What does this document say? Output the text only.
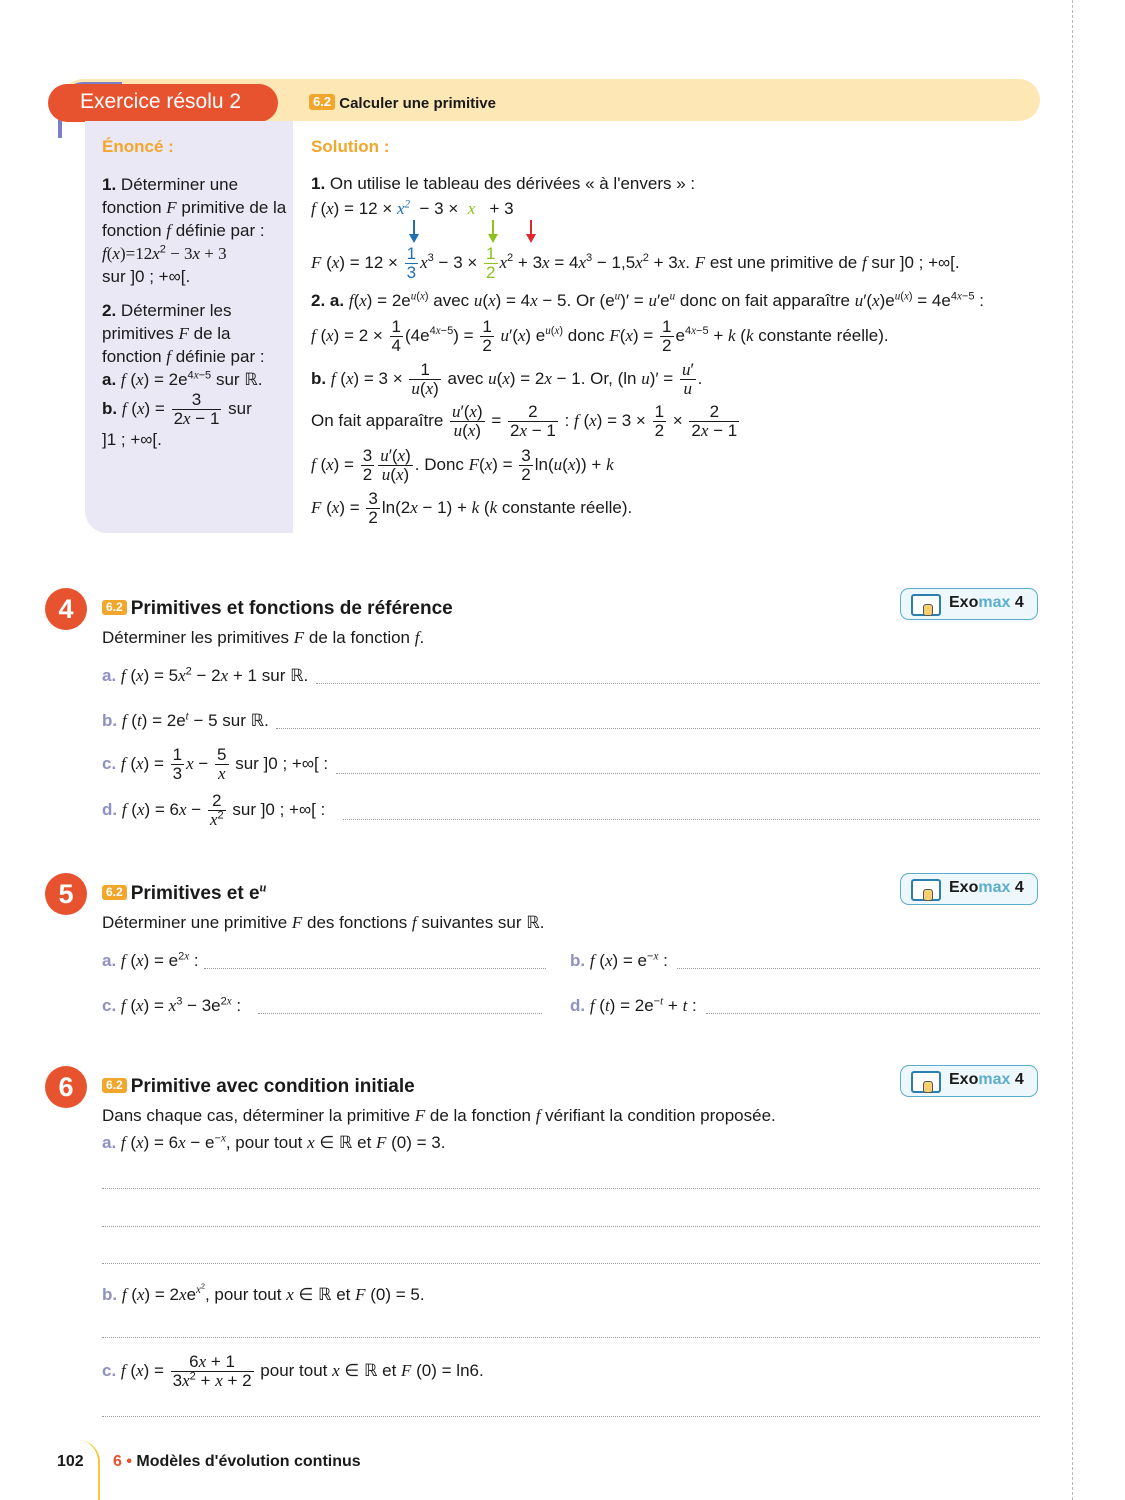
Exercice résolu 2	6.2 Calculer une primitive
Énoncé :	Solution :

1. Déterminer une fonction F primitive de la fonction f définie par :
$f(x)=12x^2 - 3x + 3$
sur ]0 ; +∞[.

2. Déterminer les primitives F de la fonction f définie par :
a. f $(x) = 2e^{4x-5}$ sur ℝ.
b. f $(x) = \frac{3}{2x - 1}$ sur
]1 ; +∞[.

1. On utilise le tableau des dérivées « à l'envers » :
f $(x) = 12 \times x^2 - 3 \times x + 3$
F $(x) = 12 \times \frac{1}{3} x^3 - 3 \times \frac{1}{2} x^2 + 3x = 4x^3 - 1,5x^2 + 3x$. F est une primitive de f sur ]0 ; +∞[.
2. a. $f(x) = 2e^{u(x)}$ avec u(x) = 4x − 5. Or $(e^u)' = u'e^u$ donc on fait apparaître $u'(x)e^{u(x)} = 4e^{4x-5}$ :
f $(x) = 2 \times \frac{1}{4} (4e^{4x-5}) = \frac{1}{2} u'(x)$ $e^{u(x)}$ donc $F(x) = \frac{1}{2} e^{4x-5} + k$ (k constante réelle).
b. f $(x) = 3 \times \frac{1}{u(x)}$ avec u(x) = 2x − 1. Or, (ln $u)' = \frac{u'}{u}$ .
On fait apparaître $\frac{u'(x)}{u(x)} = \frac{2}{2x - 1}$ : f $(x) = 3 \times \frac{1}{2} \times \frac{2}{2x - 1}$
f $(x) = \frac{3}{2} \frac{u'(x)}{u(x)}$ . Donc $F(x) = \frac{3}{2} \ln(u(x)) + k$
F $(x) = \frac{3}{2} \ln(2x - 1) + k$ (k constante réelle).
4	6.2 Primitives et fonctions de référence	Exomax 4
Déterminer les primitives F de la fonction f.
a. f $(x) = 5x^2 - 2x + 1$ sur ℝ.
b. f $(t) = 2e^t - 5$ sur ℝ.
c. f $(x) = \frac{1}{3}$ $x - \frac{5}{x}$ sur ]0 ; +∞[ :
d. f $(x) = 6x - \frac{2}{x^2}$ sur ]0 ; +∞[ :
5	6.2 Primitives et $e^u$	Exomax 4
Déterminer une primitive F des fonctions f suivantes sur ℝ.
a. f $(x) = e^{2x}$ :	b. f $(x) = e^{-x}$ :
c. f $(x) = x^3 - 3e^{2x}$ :	d. f $(t) = 2e^{-t} + t$ :
6	6.2 Primitive avec condition initiale	Exomax 4
Dans chaque cas, déterminer la primitive F de la fonction f vérifiant la condition proposée.
a. f $(x) = 6x - e^{-x}$, pour tout x ∈ ℝ et F (0) = 3.
b. f $(x) = 2xe^{x^2}$, pour tout x ∈ ℝ et F (0) = 5.
c. f $(x) = \frac{6x + 1}{3x^2 + x + 2}$ pour tout x ∈ ℝ et F (0) = ln6.
102 6 • Modèles d'évolution continus
